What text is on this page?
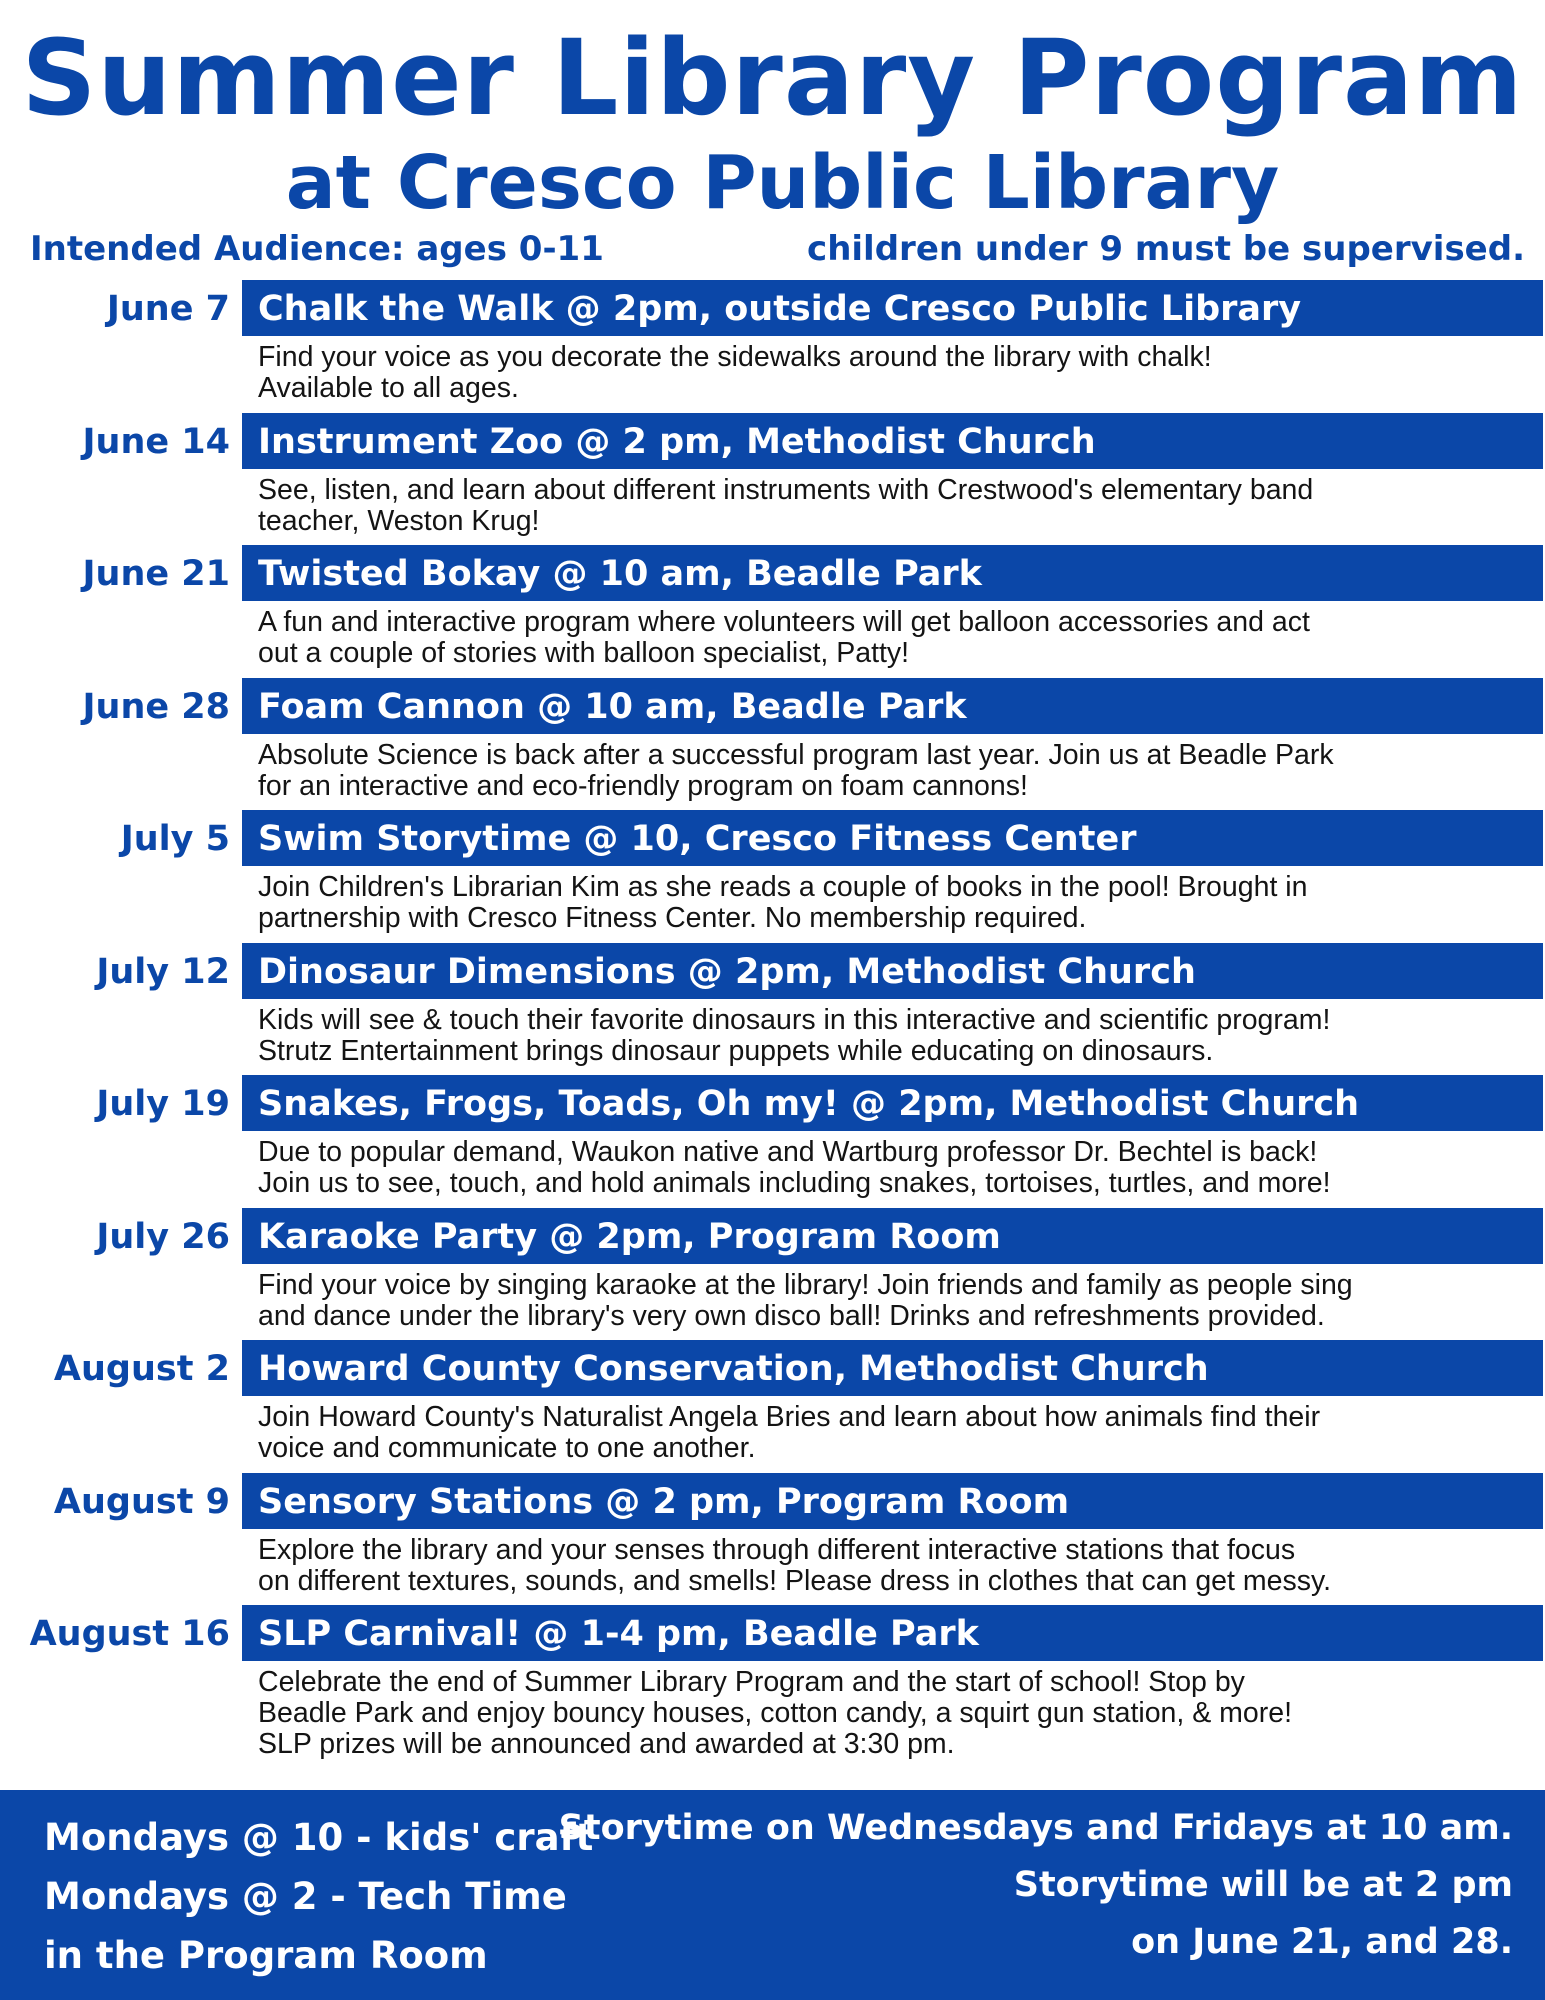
Summer Library Program
at Cresco Public Library
Intended Audience: ages 0-11	children under 9 must be supervised.
June 7 Chalk the Walk @ 2pm, outside Cresco Public Library
Find your voice as you decorate the sidewalks around the library with chalk!
Available to all ages.
June 14 Instrument Zoo @ 2 pm, Methodist Church
See, listen, and learn about different instruments with Crestwood's elementary band
teacher, Weston Krug!
June 21 Twisted Bokay @ 10 am, Beadle Park
A fun and interactive program where volunteers will get balloon accessories and act
out a couple of stories with balloon specialist, Patty!
June 28 Foam Cannon @ 10 am, Beadle Park
Absolute Science is back after a successful program last year. Join us at Beadle Park
for an interactive and eco-friendly program on foam cannons!
July 5 Swim Storytime @ 10, Cresco Fitness Center
Join Children's Librarian Kim as she reads a couple of books in the pool! Brought in
partnership with Cresco Fitness Center. No membership required.
July 12 Dinosaur Dimensions @ 2pm, Methodist Church
Kids will see & touch their favorite dinosaurs in this interactive and scientific program!
Strutz Entertainment brings dinosaur puppets while educating on dinosaurs.
July 19 Snakes, Frogs, Toads, Oh my! @ 2pm, Methodist Church
Due to popular demand, Waukon native and Wartburg professor Dr. Bechtel is back!
Join us to see, touch, and hold animals including snakes, tortoises, turtles, and more!
July 26 Karaoke Party @ 2pm, Program Room
Find your voice by singing karaoke at the library! Join friends and family as people sing
and dance under the library's very own disco ball! Drinks and refreshments provided.
August 2 Howard County Conservation, Methodist Church
Join Howard County's Naturalist Angela Bries and learn about how animals find their
voice and communicate to one another.
August 9 Sensory Stations @ 2 pm, Program Room
Explore the library and your senses through different interactive stations that focus
on different textures, sounds, and smells! Please dress in clothes that can get messy.
August 16 SLP Carnival! @ 1-4 pm, Beadle Park
Celebrate the end of Summer Library Program and the start of school! Stop by
Beadle Park and enjoy bouncy houses, cotton candy, a squirt gun station, & more!
SLP prizes will be announced and awarded at 3:30 pm.
Mondays @ 10 - kids' craft
Mondays @ 2 - Tech Time
in the Program Room
Storytime on Wednesdays and Fridays at 10 am.
Storytime will be at 2 pm
on June 21, and 28.
